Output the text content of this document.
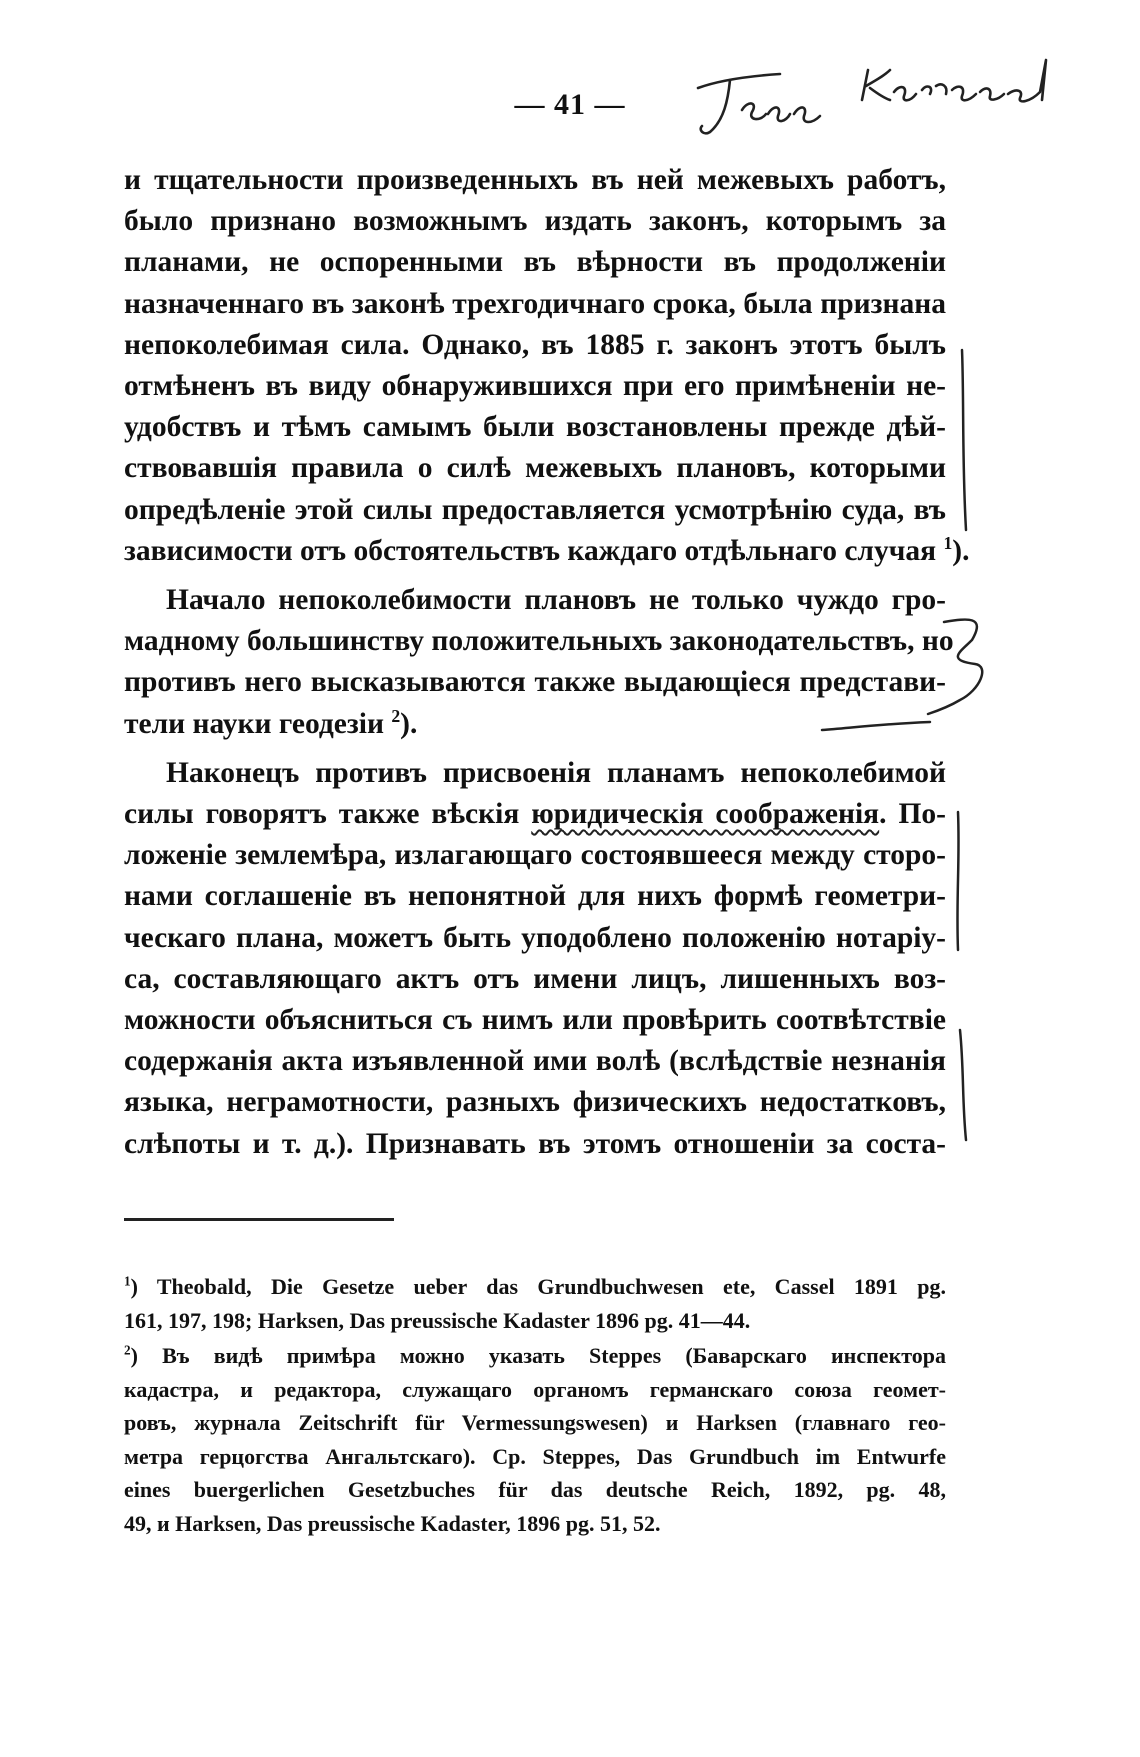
— 41 —

и тщательности произведенныхъ въ ней межевыхъ работъ,
было признано возможнымъ издать законъ, которымъ за
планами, не оспоренными въ вѣрности въ продолженіи
назначеннаго въ законѣ трехгодичнаго срока, была признана
непоколебимая сила. Однако, въ 1885 г. законъ этотъ былъ
отмѣненъ въ виду обнаружившихся при его примѣненіи не-
удобствъ и тѣмъ самымъ были возстановлены прежде дѣй-
ствовавшія правила о силѣ межевыхъ плановъ, которыми
опредѣленіе этой силы предоставляется усмотрѣнію суда, въ
зависимости отъ обстоятельствъ каждаго отдѣльнаго случая $^1$).

Начало непоколебимости плановъ не только чуждо гро-
мадному большинству положительныхъ законодательствъ, но
противъ него высказываются также выдающіеся представи-
тели науки геодезіи $^2$).

Наконецъ противъ присвоенія планамъ непоколебимой
силы говорятъ также вѣскія юридическія соображенія. По-
ложеніе землемѣра, излагающаго состоявшееся между сторо-
нами соглашеніе въ непонятной для нихъ формѣ геометри-
ческаго плана, можетъ быть уподоблено положенію нотаріу-
са, составляющаго актъ отъ имени лицъ, лишенныхъ воз-
можности объясниться съ нимъ или провѣрить соотвѣтствіе
содержанія акта изъявленной ими волѣ (вслѣдствіе незнанія
языка, неграмотности, разныхъ физическихъ недостатковъ,
слѣпоты и т. д.). Признавать въ этомъ отношеніи за соста-

$^1$) Theobald, Die Gesetze ueber das Grundbuchwesen ete, Cassel 1891 pg.
161, 197, 198; Harksen, Das preussische Kadaster 1896 pg. 41—44.

$^2$) Въ видѣ примѣра можно указать Steppes (Баварскаго инспектора
кадастра, и редактора, служащаго органомъ германскаго союза геомет-
ровъ, журнала Zeitschrift für Vermessungswesen) и Harksen (главнаго гео-
метра герцогства Ангальтскаго). Ср. Steppes, Das Grundbuch im Entwurfe
eines buergerlichen Gesetzbuches für das deutsche Reich, 1892, pg. 48,
49, и Harksen, Das preussische Kadaster, 1896 pg. 51, 52.
